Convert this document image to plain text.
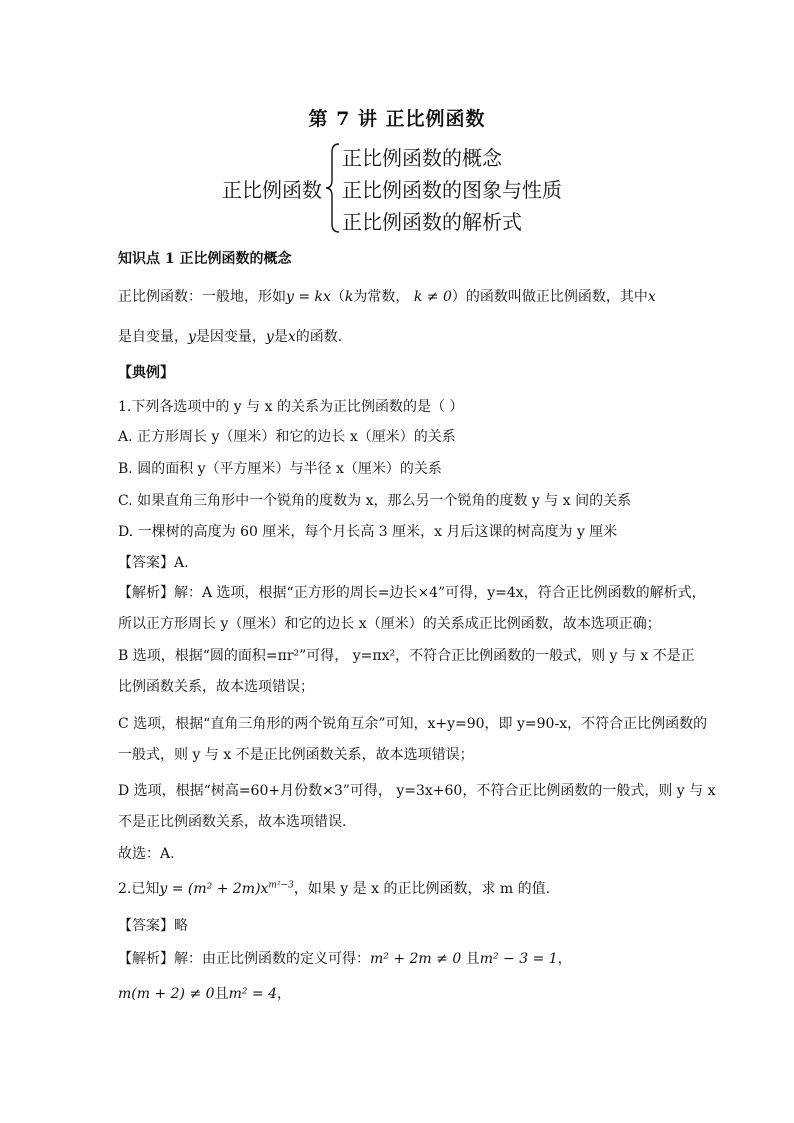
第 7 讲 正比例函数
正比例函数
正比例函数的概念
正比例函数的图象与性质
正比例函数的解析式
知识点 1 正比例函数的概念
正比例函数：一般地，形如y = kx（k为常数， k ≠ 0）的函数叫做正比例函数，其中x
是自变量，y是因变量，y是x的函数.
【典例】
1.下列各选项中的 y 与 x 的关系为正比例函数的是（ ）
A. 正方形周长 y（厘米）和它的边长 x（厘米）的关系
B. 圆的面积 y（平方厘米）与半径 x（厘米）的关系
C. 如果直角三角形中一个锐角的度数为 x，那么另一个锐角的度数 y 与 x 间的关系
D. 一棵树的高度为 60 厘米，每个月长高 3 厘米，x 月后这课的树高度为 y 厘米
【答案】A.
【解析】解：A 选项，根据“正方形的周长=边长×4”可得，y=4x，符合正比例函数的解析式，
所以正方形周长 y（厘米）和它的边长 x（厘米）的关系成正比例函数，故本选项正确；
B 选项，根据“圆的面积=πr²”可得， y=πx²，不符合正比例函数的一般式，则 y 与 x 不是正
比例函数关系，故本选项错误；
C 选项，根据“直角三角形的两个锐角互余”可知，x+y=90，即 y=90-x，不符合正比例函数的
一般式，则 y 与 x 不是正比例函数关系，故本选项错误；
D 选项，根据“树高=60+月份数×3”可得， y=3x+60，不符合正比例函数的一般式，则 y 与 x
不是正比例函数关系，故本选项错误.
故选：A.
2.已知$y = (m^2 + 2m)x^{m^2-3}$，如果 y 是 x 的正比例函数，求 m 的值.
【答案】略
【解析】解：由正比例函数的定义可得：m² + 2m ≠ 0 且m² − 3 = 1，
m(m + 2) ≠ 0且m² = 4，
